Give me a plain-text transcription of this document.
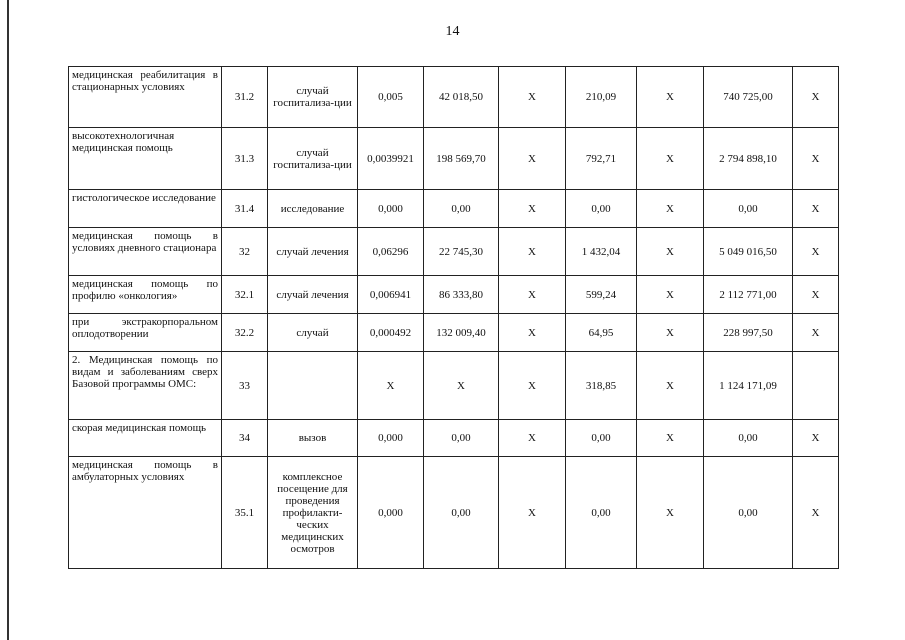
14
медицинская реабилитация в стационарных условиях	31.2	случай госпитализа-ции	0,005	42 018,50	X	210,09	X	740 725,00	X
высокотехнологичная медицинская помощь	31.3	случай госпитализа-ции	0,0039921	198 569,70	X	792,71	X	2 794 898,10	X
гистологическое исследование	31.4	исследование	0,000	0,00	X	0,00	X	0,00	X
медицинская помощь в условиях дневного стационара	32	случай лечения	0,06296	22 745,30	X	1 432,04	X	5 049 016,50	X
медицинская помощь по профилю «онкология»	32.1	случай лечения	0,006941	86 333,80	X	599,24	X	2 112 771,00	X
при экстракорпоральном оплодотворении	32.2	случай	0,000492	132 009,40	X	64,95	X	228 997,50	X
2. Медицинская помощь по видам и заболеваниям сверх Базовой программы ОМС:	33		X	X	X	318,85	X	1 124 171,09	
скорая медицинская помощь	34	вызов	0,000	0,00	X	0,00	X	0,00	X
медицинская помощь в амбулаторных условиях	35.1	комплексное посещение для проведения профилакти-ческих медицинских осмотров	0,000	0,00	X	0,00	X	0,00	X
